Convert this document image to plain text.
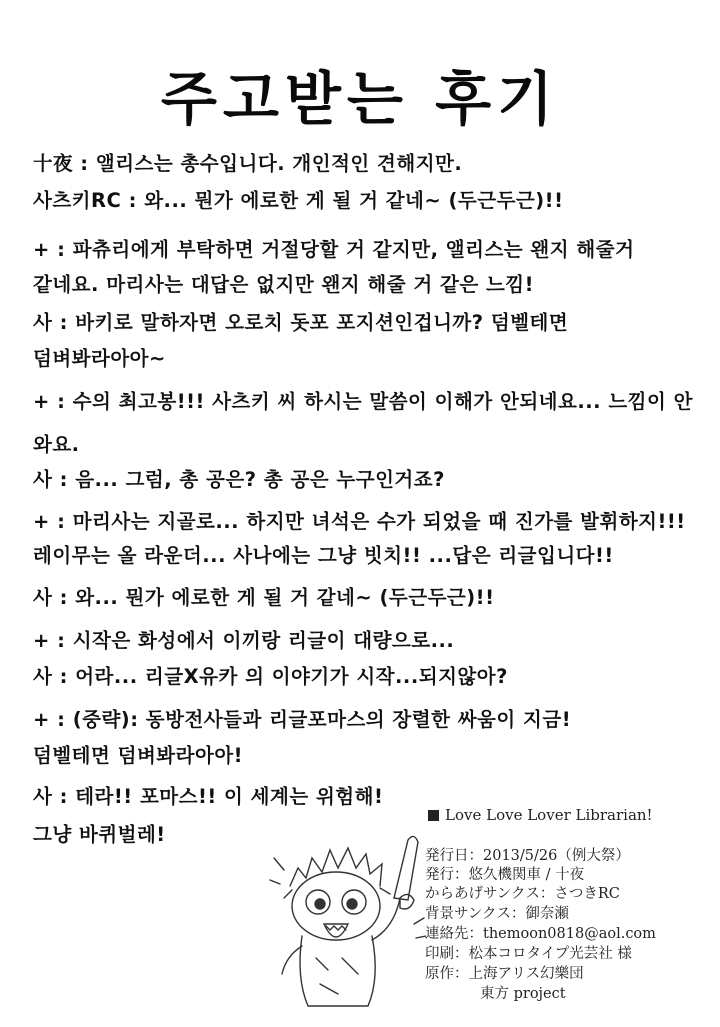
주고받는 후기
十夜 : 앨리스는 총수입니다. 개인적인 견해지만.
사츠키RC : 와... 뭔가 에로한 게 될 거 같네~ (두근두근)!!
+ : 파츄리에게 부탁하면 거절당할 거 같지만, 앨리스는 왠지 해줄거
같네요. 마리사는 대답은 없지만 왠지 해줄 거 같은 느낌!
사 : 바키로 말하자면 오로치 돗포 포지션인겁니까? 덤벨테면
덤벼봐라아아~
+ : 수의 최고봉!!! 사츠키 씨 하시는 말씀이 이해가 안되네요... 느낌이 안
와요.
사 : 음... 그럼, 총 공은? 총 공은 누구인거죠?
+ : 마리사는 지골로... 하지만 녀석은 수가 되었을 때 진가를 발휘하지!!!
레이무는 올 라운더... 사나에는 그냥 빗치!! ...답은 리글입니다!!
사 : 와... 뭔가 에로한 게 될 거 같네~ (두근두근)!!
+ : 시작은 화성에서 이끼랑 리글이 대량으로...
사 : 어라... 리글X유카 의 이야기가 시작...되지않아?
+ : (중략): 동방전사들과 리글포마스의 장렬한 싸움이 지금!
덤벨테면 덤벼봐라아아!
사 : 테라!! 포마스!! 이 세계는 위험해!
그냥 바퀴벌레!
Love Love Lover Librarian!
発行日：2013/5/26（例大祭）
発行：悠久機関車 / 十夜
からあげサンクス：さつきRC
背景サンクス：御奈瀬
連絡先：themoon0818@aol.com
印刷：松本コロタイプ光芸社 様
原作：上海アリス幻樂団
東方 project
